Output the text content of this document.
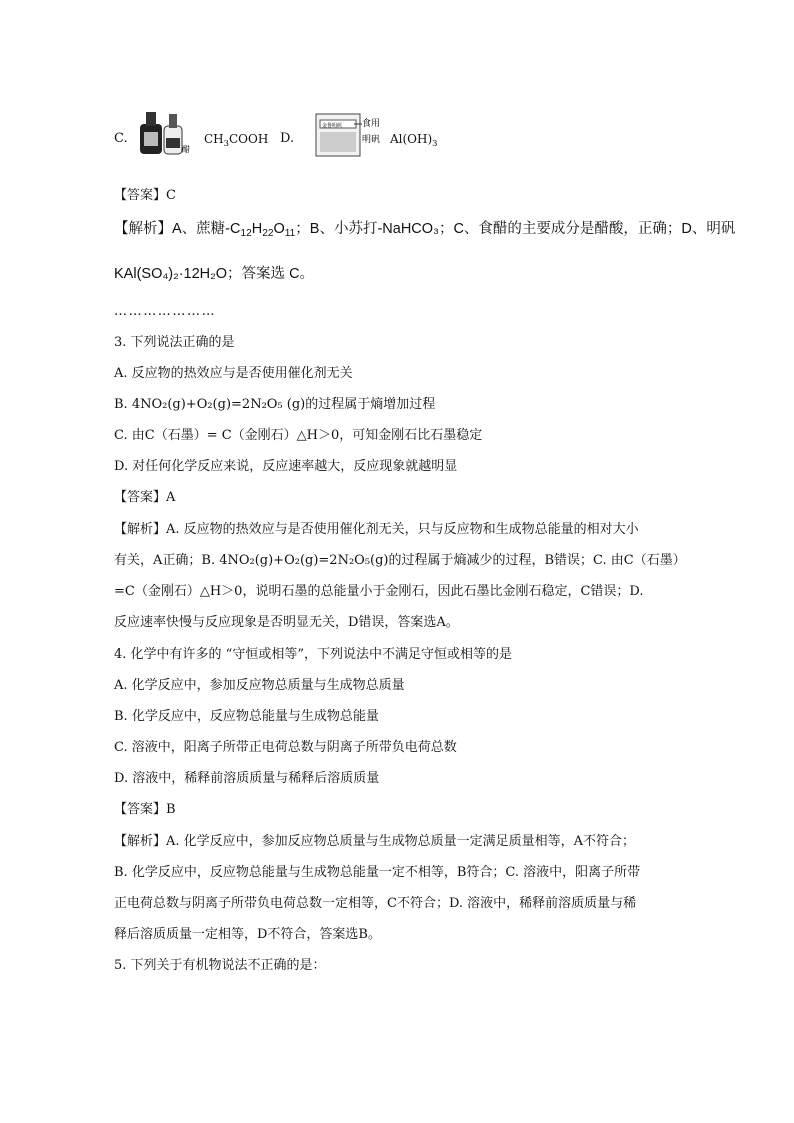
C.
醋
$CH_3COOH$ D.
金鲁明矾 食用
明矾 $Al(OH)_3$
【答案】C
【解析】A、蔗糖$-C_{12}H_{22}O_{11}$；B、小苏打-NaHCO₃；C、食醋的主要成分是醋酸，正确；D、明矾
KAl(SO₄)₂·12H₂O；答案选 C。
…………………
3. 下列说法正确的是
A. 反应物的热效应与是否使用催化剂无关
B. 4NO₂(g)+O₂(g)=2N₂O₅ (g)的过程属于熵增加过程
C. 由C（石墨）= C（金刚石）△H＞0，可知金刚石比石墨稳定
D. 对任何化学反应来说，反应速率越大，反应现象就越明显
【答案】A
【解析】A. 反应物的热效应与是否使用催化剂无关，只与反应物和生成物总能量的相对大小
有关，A正确；B. 4NO₂(g)+O₂(g)=2N₂O₅(g)的过程属于熵减少的过程，B错误；C. 由C（石墨）
=C（金刚石）△H＞0，说明石墨的总能量小于金刚石，因此石墨比金刚石稳定，C错误；D.
反应速率快慢与反应现象是否明显无关，D错误，答案选A。
4. 化学中有许多的 “守恒或相等”，下列说法中不满足守恒或相等的是
A. 化学反应中，参加反应物总质量与生成物总质量
B. 化学反应中，反应物总能量与生成物总能量
C. 溶液中，阳离子所带正电荷总数与阴离子所带负电荷总数
D. 溶液中，稀释前溶质质量与稀释后溶质质量
【答案】B
【解析】A. 化学反应中，参加反应物总质量与生成物总质量一定满足质量相等，A不符合；
B. 化学反应中，反应物总能量与生成物总能量一定不相等，B符合；C. 溶液中，阳离子所带
正电荷总数与阴离子所带负电荷总数一定相等，C不符合；D. 溶液中，稀释前溶质质量与稀
释后溶质质量一定相等，D不符合，答案选B。
5. 下列关于有机物说法不正确的是：
